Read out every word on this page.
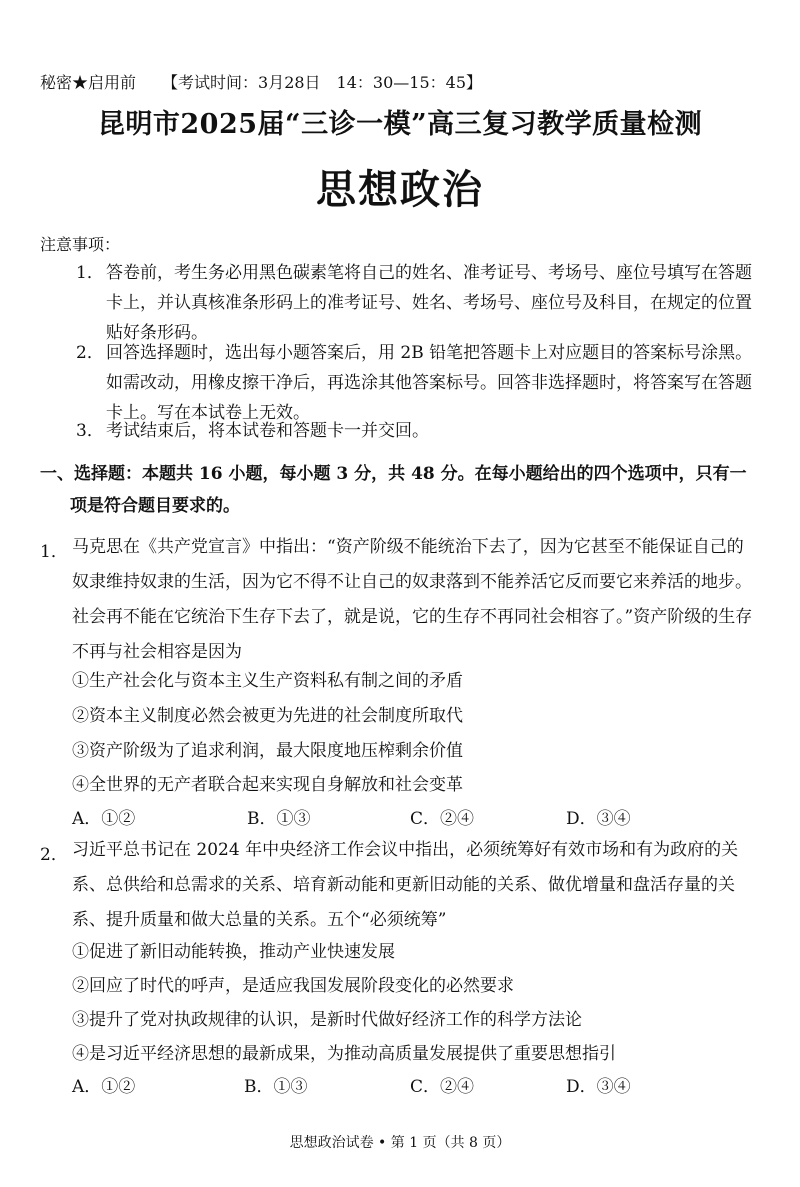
秘密★启用前 【考试时间：3月28日　14：30—15：45】
昆明市2025届“三诊一模”高三复习教学质量检测
思想政治
注意事项：
1． 答卷前，考生务必用黑色碳素笔将自己的姓名、准考证号、考场号、座位号填写在答题卡上，并认真核准条形码上的准考证号、姓名、考场号、座位号及科目，在规定的位置贴好条形码。
2． 回答选择题时，选出每小题答案后，用 2B 铅笔把答题卡上对应题目的答案标号涂黑。如需改动，用橡皮擦干净后，再选涂其他答案标号。回答非选择题时，将答案写在答题卡上。写在本试卷上无效。
3． 考试结束后，将本试卷和答题卡一并交回。
一、选择题：本题共 16 小题，每小题 3 分，共 48 分。在每小题给出的四个选项中，只有一
项是符合题目要求的。
1． 马克思在《共产党宣言》中指出：“资产阶级不能统治下去了，因为它甚至不能保证自己的奴隶维持奴隶的生活，因为它不得不让自己的奴隶落到不能养活它反而要它来养活的地步。社会再不能在它统治下生存下去了，就是说，它的生存不再同社会相容了。”资产阶级的生存不再与社会相容是因为
①生产社会化与资本主义生产资料私有制之间的矛盾
②资本主义制度必然会被更为先进的社会制度所取代
③资产阶级为了追求利润，最大限度地压榨剩余价值
④全世界的无产者联合起来实现自身解放和社会变革
A．①②	B．①③	C．②④	D．③④
2． 习近平总书记在 2024 年中央经济工作会议中指出，必须统筹好有效市场和有为政府的关系、总供给和总需求的关系、培育新动能和更新旧动能的关系、做优增量和盘活存量的关系、提升质量和做大总量的关系。五个“必须统筹”
①促进了新旧动能转换，推动产业快速发展
②回应了时代的呼声，是适应我国发展阶段变化的必然要求
③提升了党对执政规律的认识，是新时代做好经济工作的科学方法论
④是习近平经济思想的最新成果，为推动高质量发展提供了重要思想指引
A．①②	B．①③	C．②④	D．③④
思想政治试卷 • 第 1 页（共 8 页）
